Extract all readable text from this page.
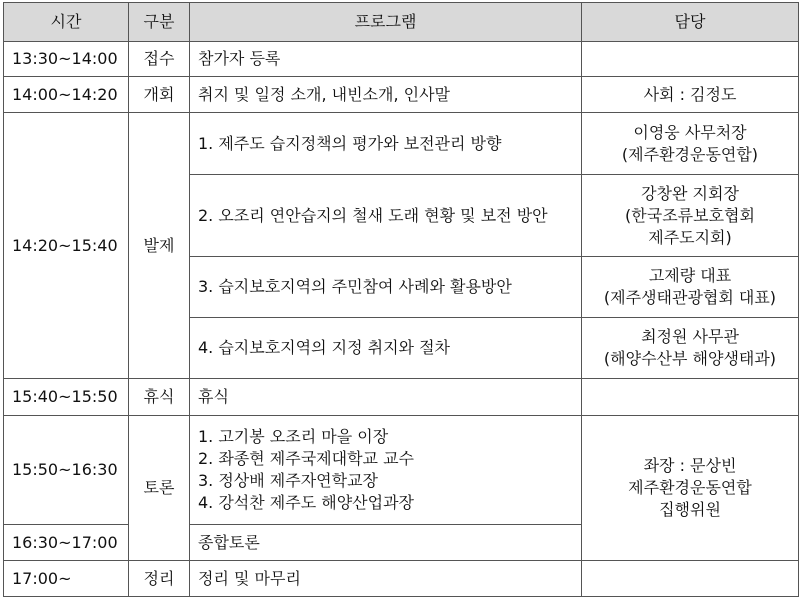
시간	구분	프로그램	담당
13:30~14:00	접수	참가자 등록	
14:00~14:20	개회	취지 및 일정 소개, 내빈소개, 인사말	사회 : 김정도
14:20~15:40	발제	1. 제주도 습지정책의 평가와 보전관리 방향	이영웅 사무처장
(제주환경운동연합)

		2. 오조리 연안습지의 철새 도래 현황 및 보전 방안	강창완 지회장
(한국조류보호협회
제주도지회)

		3. 습지보호지역의 주민참여 사례와 활용방안	고제량 대표
(제주생태관광협회 대표)

		4. 습지보호지역의 지정 취지와 절차	최정원 사무관
(해양수산부 해양생태과)

15:40~15:50	휴식	휴식	
15:50~16:30	토론	1. 고기봉 오조리 마을 이장
2. 좌종현 제주국제대학교 교수
3. 정상배 제주자연학교장
4. 강석찬 제주도 해양산업과장	좌장 : 문상빈
제주환경운동연합
집행위원

16:30~17:00		종합토론	
17:00~	정리	정리 및 마무리	
